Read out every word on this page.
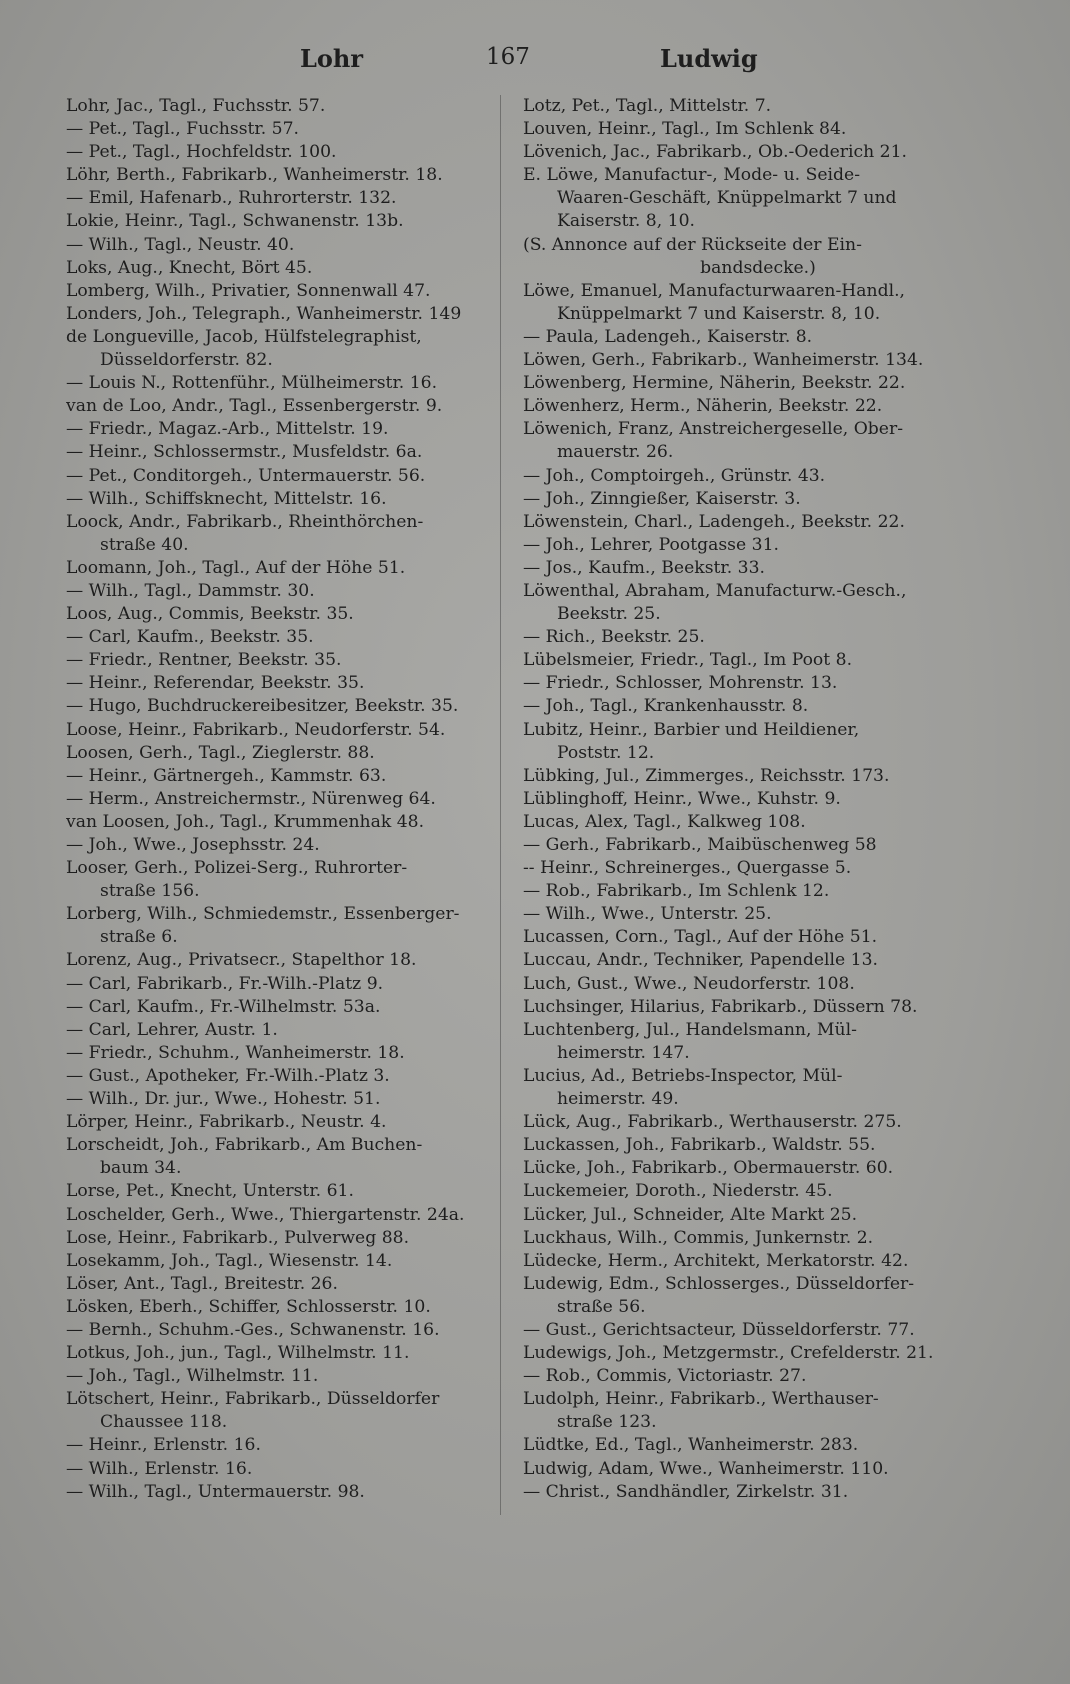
Lohr	167	Ludwig
Lohr, Jac., Tagl., Fuchsstr. 57.
— Pet., Tagl., Fuchsstr. 57.
— Pet., Tagl., Hochfeldstr. 100.
Löhr, Berth., Fabrikarb., Wanheimerstr. 18.
— Emil, Hafenarb., Ruhrorterstr. 132.
Lokie, Heinr., Tagl., Schwanenstr. 13b.
— Wilh., Tagl., Neustr. 40.
Loks, Aug., Knecht, Bört 45.
Lomberg, Wilh., Privatier, Sonnenwall 47.
Londers, Joh., Telegraph., Wanheimerstr. 149
de Longueville, Jacob, Hülfstelegraphist,
Düsseldorferstr. 82.
— Louis N., Rottenführ., Mülheimerstr. 16.
van de Loo, Andr., Tagl., Essenbergerstr. 9.
— Friedr., Magaz.-Arb., Mittelstr. 19.
— Heinr., Schlossermstr., Musfeldstr. 6a.
— Pet., Conditorgeh., Untermauerstr. 56.
— Wilh., Schiffsknecht, Mittelstr. 16.
Loock, Andr., Fabrikarb., Rheinthörchen-
straße 40.
Loomann, Joh., Tagl., Auf der Höhe 51.
— Wilh., Tagl., Dammstr. 30.
Loos, Aug., Commis, Beekstr. 35.
— Carl, Kaufm., Beekstr. 35.
— Friedr., Rentner, Beekstr. 35.
— Heinr., Referendar, Beekstr. 35.
— Hugo, Buchdruckereibesitzer, Beekstr. 35.
Loose, Heinr., Fabrikarb., Neudorferstr. 54.
Loosen, Gerh., Tagl., Zieglerstr. 88.
— Heinr., Gärtnergeh., Kammstr. 63.
— Herm., Anstreichermstr., Nürenweg 64.
van Loosen, Joh., Tagl., Krummenhak 48.
— Joh., Wwe., Josephsstr. 24.
Looser, Gerh., Polizei-Serg., Ruhrorter-
straße 156.
Lorberg, Wilh., Schmiedemstr., Essenberger-
straße 6.
Lorenz, Aug., Privatsecr., Stapelthor 18.
— Carl, Fabrikarb., Fr.-Wilh.-Platz 9.
— Carl, Kaufm., Fr.-Wilhelmstr. 53a.
— Carl, Lehrer, Austr. 1.
— Friedr., Schuhm., Wanheimerstr. 18.
— Gust., Apotheker, Fr.-Wilh.-Platz 3.
— Wilh., Dr. jur., Wwe., Hohestr. 51.
Lörper, Heinr., Fabrikarb., Neustr. 4.
Lorscheidt, Joh., Fabrikarb., Am Buchen-
baum 34.
Lorse, Pet., Knecht, Unterstr. 61.
Loschelder, Gerh., Wwe., Thiergartenstr. 24a.
Lose, Heinr., Fabrikarb., Pulverweg 88.
Losekamm, Joh., Tagl., Wiesenstr. 14.
Löser, Ant., Tagl., Breitestr. 26.
Lösken, Eberh., Schiffer, Schlosserstr. 10.
— Bernh., Schuhm.-Ges., Schwanenstr. 16.
Lotkus, Joh., jun., Tagl., Wilhelmstr. 11.
— Joh., Tagl., Wilhelmstr. 11.
Lötschert, Heinr., Fabrikarb., Düsseldorfer
Chaussee 118.
— Heinr., Erlenstr. 16.
— Wilh., Erlenstr. 16.
— Wilh., Tagl., Untermauerstr. 98.
Lotz, Pet., Tagl., Mittelstr. 7.
Louven, Heinr., Tagl., Im Schlenk 84.
Lövenich, Jac., Fabrikarb., Ob.-Oederich 21.
E. Löwe, Manufactur-, Mode- u. Seide-
Waaren-Geschäft, Knüppelmarkt 7 und
Kaiserstr. 8, 10.
(S. Annonce auf der Rückseite der Ein-
bandsdecke.)
Löwe, Emanuel, Manufacturwaaren-Handl.,
Knüppelmarkt 7 und Kaiserstr. 8, 10.
— Paula, Ladengeh., Kaiserstr. 8.
Löwen, Gerh., Fabrikarb., Wanheimerstr. 134.
Löwenberg, Hermine, Näherin, Beekstr. 22.
Löwenherz, Herm., Näherin, Beekstr. 22.
Löwenich, Franz, Anstreichergeselle, Ober-
mauerstr. 26.
— Joh., Comptoirgeh., Grünstr. 43.
— Joh., Zinngießer, Kaiserstr. 3.
Löwenstein, Charl., Ladengeh., Beekstr. 22.
— Joh., Lehrer, Pootgasse 31.
— Jos., Kaufm., Beekstr. 33.
Löwenthal, Abraham, Manufacturw.-Gesch.,
Beekstr. 25.
— Rich., Beekstr. 25.
Lübelsmeier, Friedr., Tagl., Im Poot 8.
— Friedr., Schlosser, Mohrenstr. 13.
— Joh., Tagl., Krankenhausstr. 8.
Lubitz, Heinr., Barbier und Heildiener,
Poststr. 12.
Lübking, Jul., Zimmerges., Reichsstr. 173.
Lüblinghoff, Heinr., Wwe., Kuhstr. 9.
Lucas, Alex, Tagl., Kalkweg 108.
— Gerh., Fabrikarb., Maibüschenweg 58
-- Heinr., Schreinerges., Quergasse 5.
— Rob., Fabrikarb., Im Schlenk 12.
— Wilh., Wwe., Unterstr. 25.
Lucassen, Corn., Tagl., Auf der Höhe 51.
Luccau, Andr., Techniker, Papendelle 13.
Luch, Gust., Wwe., Neudorferstr. 108.
Luchsinger, Hilarius, Fabrikarb., Düssern 78.
Luchtenberg, Jul., Handelsmann, Mül-
heimerstr. 147.
Lucius, Ad., Betriebs-Inspector, Mül-
heimerstr. 49.
Lück, Aug., Fabrikarb., Werthauserstr. 275.
Luckassen, Joh., Fabrikarb., Waldstr. 55.
Lücke, Joh., Fabrikarb., Obermauerstr. 60.
Luckemeier, Doroth., Niederstr. 45.
Lücker, Jul., Schneider, Alte Markt 25.
Luckhaus, Wilh., Commis, Junkernstr. 2.
Lüdecke, Herm., Architekt, Merkatorstr. 42.
Ludewig, Edm., Schlosserges., Düsseldorfer-
straße 56.
— Gust., Gerichtsacteur, Düsseldorferstr. 77.
Ludewigs, Joh., Metzgermstr., Crefelderstr. 21.
— Rob., Commis, Victoriastr. 27.
Ludolph, Heinr., Fabrikarb., Werthauser-
straße 123.
Lüdtke, Ed., Tagl., Wanheimerstr. 283.
Ludwig, Adam, Wwe., Wanheimerstr. 110.
— Christ., Sandhändler, Zirkelstr. 31.
